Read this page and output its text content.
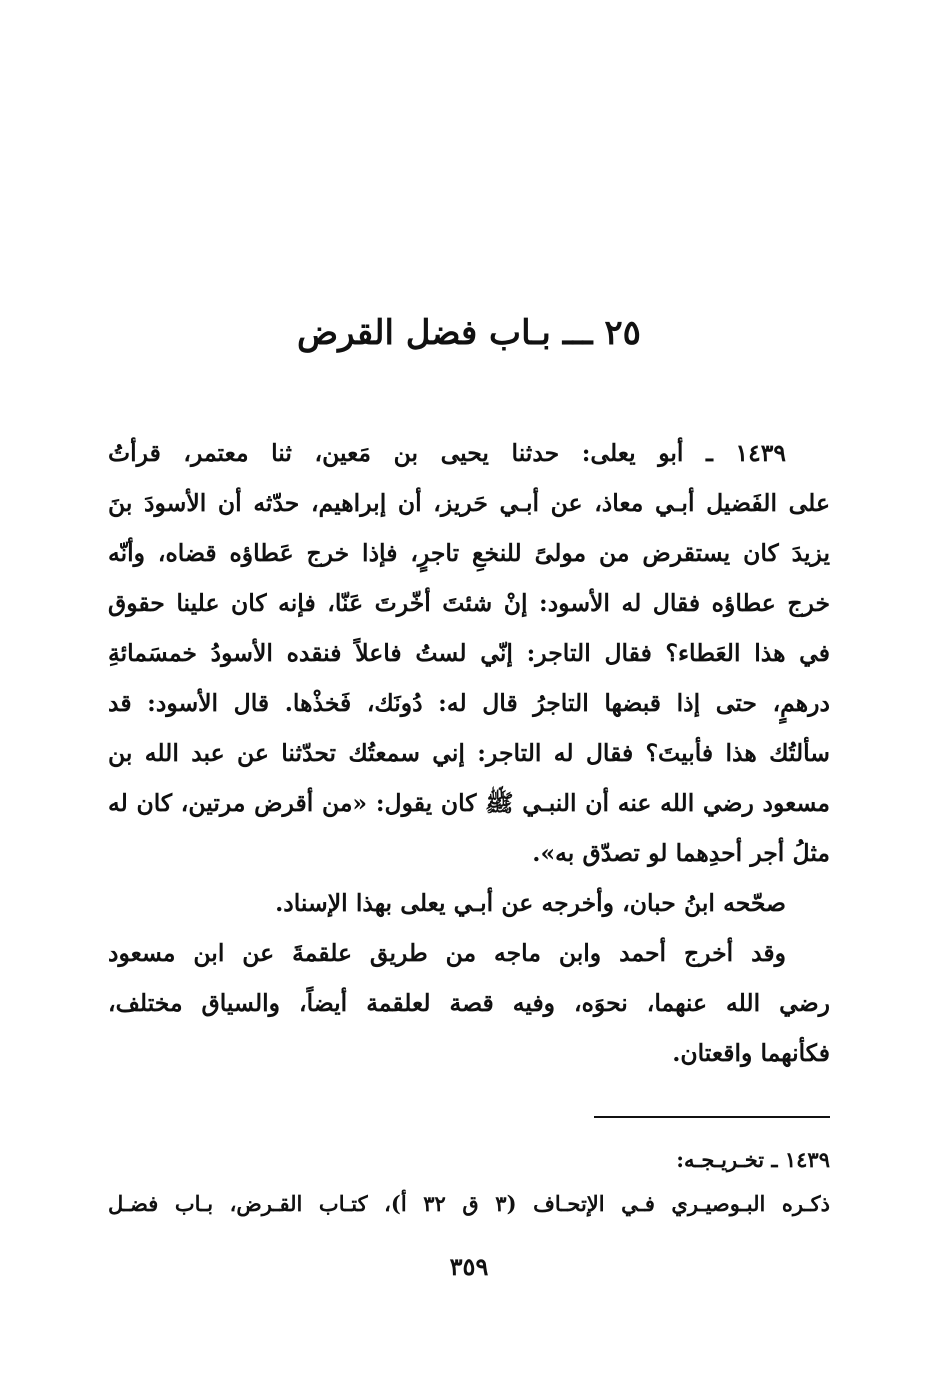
٢٥ ـــ بـاب فضل القرض
١٤٣٩ ـ أبو يعلى: حدثنا يحيى بن مَعين، ثنا معتمر، قرأتُ
على الفَضيل أبـي معاذ، عن أبـي حَريز، أن إبراهيم، حدّثه أن الأسودَ بنَ
يزيدَ كان يستقرض من مولىً للنخعِ تاجرٍ، فإذا خرج عَطاؤه قضاه، وأنّه
خرج عطاؤه فقال له الأسود: إنْ شئتَ أخّرتَ عَنّا، فإنه كان علينا حقوق
في هذا العَطاء؟ فقال التاجر: إنّي لستُ فاعلاً فنقده الأسودُ خمسَمائةِ
درهمٍ، حتى إذا قبضها التاجرُ قال له: دُونَك، فَخذْها. قال الأسود: قد
سألتُك هذا فأبيتَ؟ فقال له التاجر: إني سمعتُك تحدّثنا عن عبد الله بن
مسعود رضي الله عنه أن النبـي ﷺ كان يقول: «من أقرض مرتين، كان له
مثلُ أجر أحدِهما لو تصدّق به».
صحّحه ابنُ حبان، وأخرجه عن أبـي يعلى بهذا الإسناد.
وقد أخرج أحمد وابن ماجه من طريق علقمةَ عن ابن مسعود
رضي الله عنهما، نحوَه، وفيه قصة لعلقمة أيضاً، والسياق مختلف،
فكأنهما واقعتان.
١٤٣٩ ـ تخـريـجـه:
ذكـره البـوصيـري فـي الإتحـاف (٣ ق ٣٢ أ)، كتـاب القـرض، بـاب فضـل
٣٥٩
